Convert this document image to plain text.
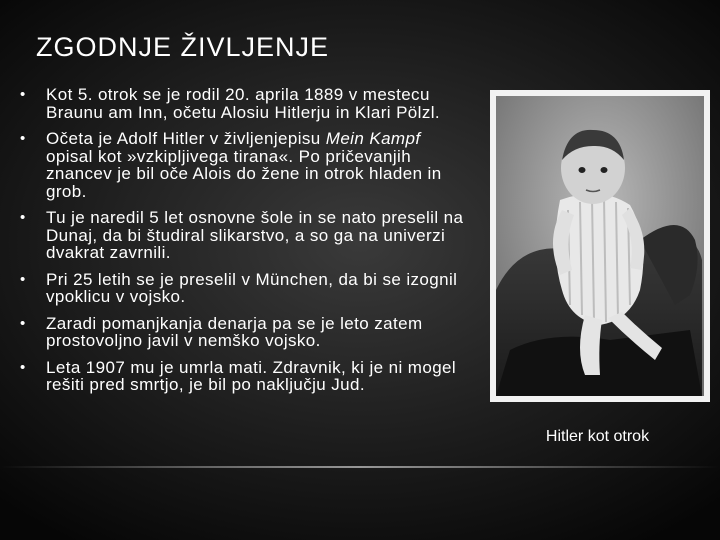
ZGODNJE ŽIVLJENJE
• Kot 5. otrok se je rodil 20. aprila 1889 v mestecu Braunu am Inn, očetu Alosiu Hitlerju in Klari Pölzl.
• Očeta je Adolf Hitler v življenjepisu Mein Kampf opisal kot »vzkipljivega tirana«. Po pričevanjih znancev je bil oče Alois do žene in otrok hladen in grob.
• Tu je naredil 5 let osnovne šole in se nato preselil na Dunaj, da bi študiral slikarstvo, a so ga na univerzi dvakrat zavrnili.
• Pri 25 letih se je preselil v München, da bi se izognil vpoklicu v vojsko.
• Zaradi pomanjkanja denarja pa se je leto zatem prostovoljno javil v nemško vojsko.
• Leta 1907 mu je umrla mati. Zdravnik, ki je ni mogel rešiti pred smrtjo, je bil po naključju Jud.
Hitler kot otrok
